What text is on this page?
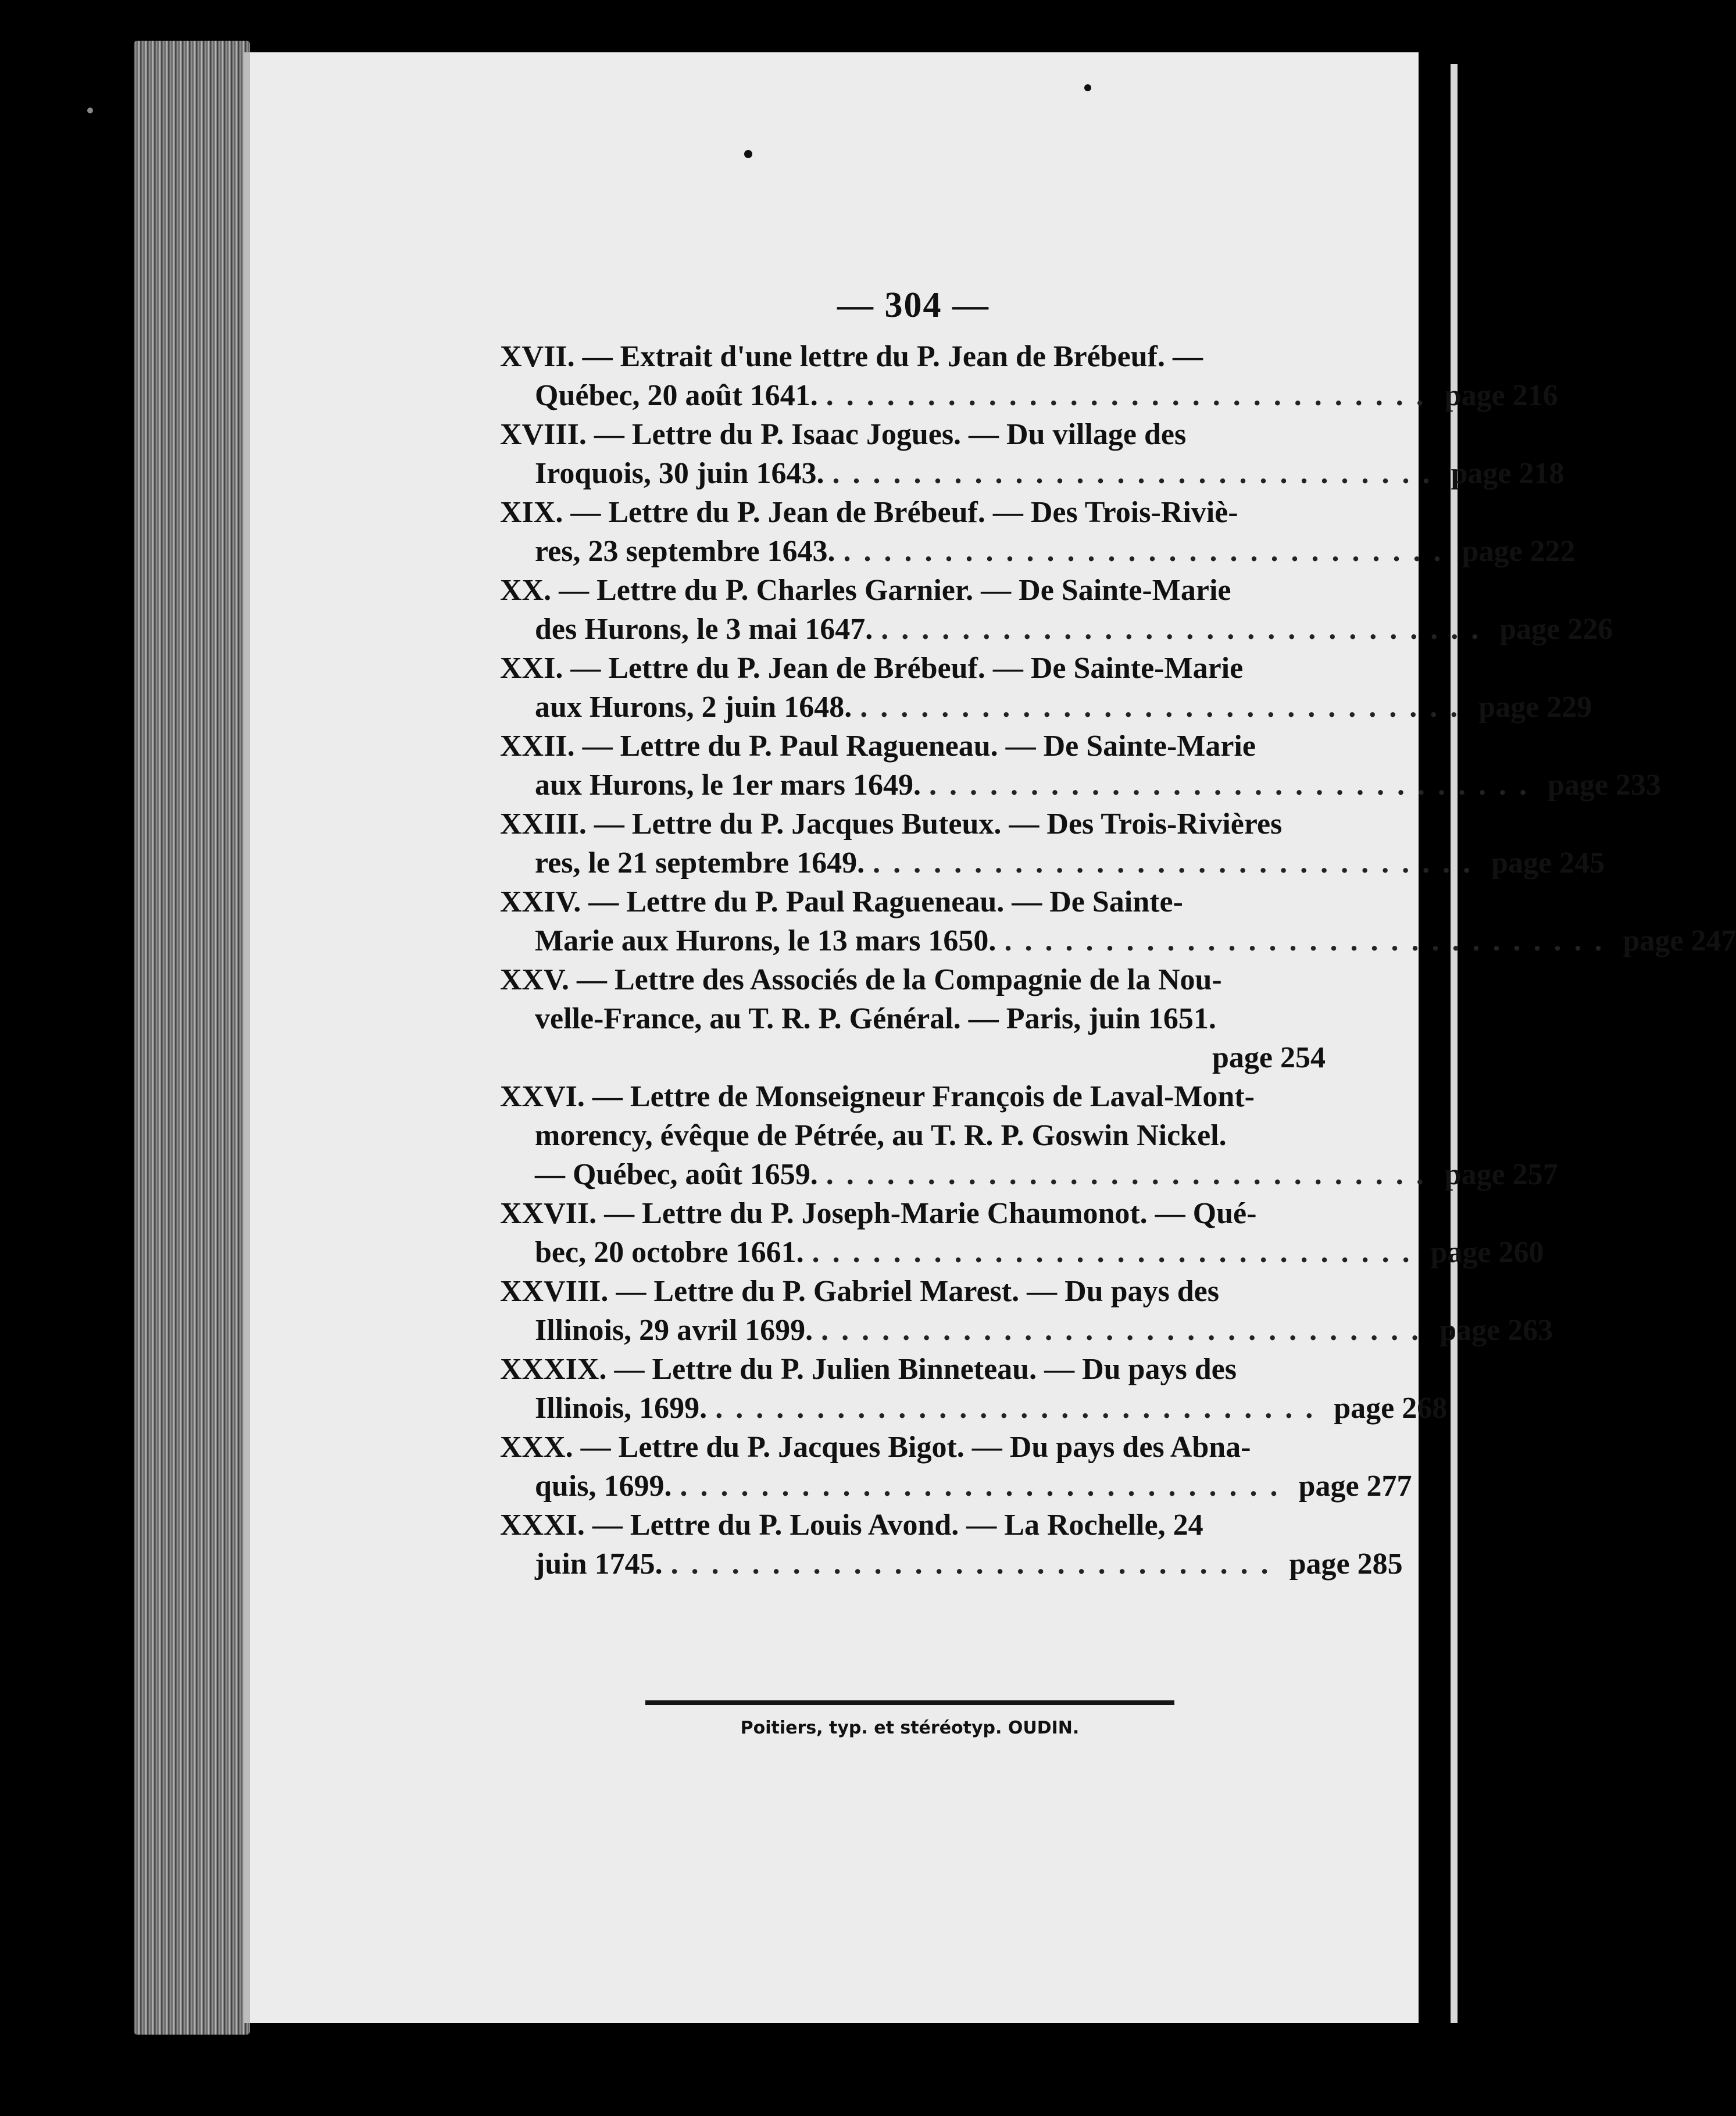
— 304 —
XVII. — Extrait d'une lettre du P. Jean de Brébeuf. —
Québec, 20 août 1641. .............................. page 216
XVIII. — Lettre du P. Isaac Jogues. — Du village des
Iroquois, 30 juin 1643. .............................. page 218
XIX. — Lettre du P. Jean de Brébeuf. — Des Trois-Riviè-
res, 23 septembre 1643. .............................. page 222
XX. — Lettre du P. Charles Garnier. — De Sainte-Marie
des Hurons, le 3 mai 1647. .............................. page 226
XXI. — Lettre du P. Jean de Brébeuf. — De Sainte-Marie
aux Hurons, 2 juin 1648. .............................. page 229
XXII. — Lettre du P. Paul Ragueneau. — De Sainte-Marie
aux Hurons, le 1er mars 1649. .............................. page 233
XXIII. — Lettre du P. Jacques Buteux. — Des Trois-Rivières
res, le 21 septembre 1649. .............................. page 245
XXIV. — Lettre du P. Paul Ragueneau. — De Sainte-
Marie aux Hurons, le 13 mars 1650. .............................. page 247
XXV. — Lettre des Associés de la Compagnie de la Nou-
velle-France, au T. R. P. Général. — Paris, juin 1651.
page 254
XXVI. — Lettre de Monseigneur François de Laval-Mont-
morency, évêque de Pétrée, au T. R. P. Goswin Nickel.
— Québec, août 1659. .............................. page 257
XXVII. — Lettre du P. Joseph-Marie Chaumonot. — Qué-
bec, 20 octobre 1661. .............................. page 260
XXVIII. — Lettre du P. Gabriel Marest. — Du pays des
Illinois, 29 avril 1699. .............................. page 263
XXXIX. — Lettre du P. Julien Binneteau. — Du pays des
Illinois, 1699. .............................. page 268
XXX. — Lettre du P. Jacques Bigot. — Du pays des Abna-
quis, 1699. .............................. page 277
XXXI. — Lettre du P. Louis Avond. — La Rochelle, 24
juin 1745. .............................. page 285
Poitiers, typ. et stéréotyp. OUDIN.
